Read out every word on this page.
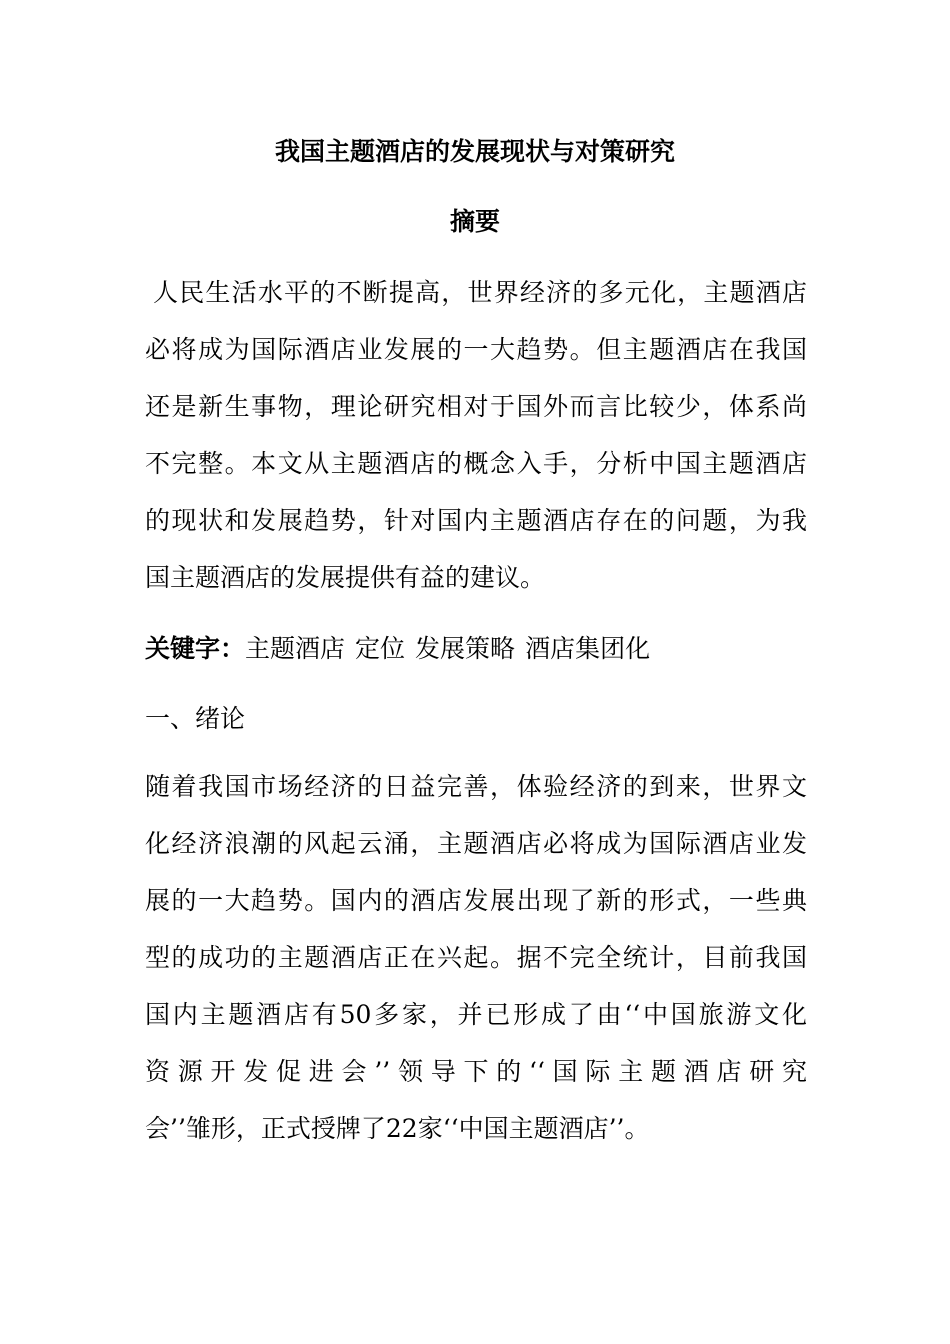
我国主题酒店的发展现状与对策研究
摘要
人民生活水平的不断提高，世界经济的多元化，主题酒店
必将成为国际酒店业发展的一大趋势。但主题酒店在我国
还是新生事物，理论研究相对于国外而言比较少，体系尚
不完整。本文从主题酒店的概念入手，分析中国主题酒店
的现状和发展趋势，针对国内主题酒店存在的问题，为我
国主题酒店的发展提供有益的建议。
关键字：主题酒店 定位 发展策略 酒店集团化
一、绪论
随着我国市场经济的日益完善，体验经济的到来，世界文
化经济浪潮的风起云涌，主题酒店必将成为国际酒店业发
展的一大趋势。国内的酒店发展出现了新的形式，一些典
型的成功的主题酒店正在兴起。据不完全统计，目前我国
国内主题酒店有50多家，并已形成了由‘‘中国旅游文化
资源开发促进会’’领导下的‘‘国际主题酒店研究
会’’雏形，正式授牌了22家‘‘中国主题酒店’’。
